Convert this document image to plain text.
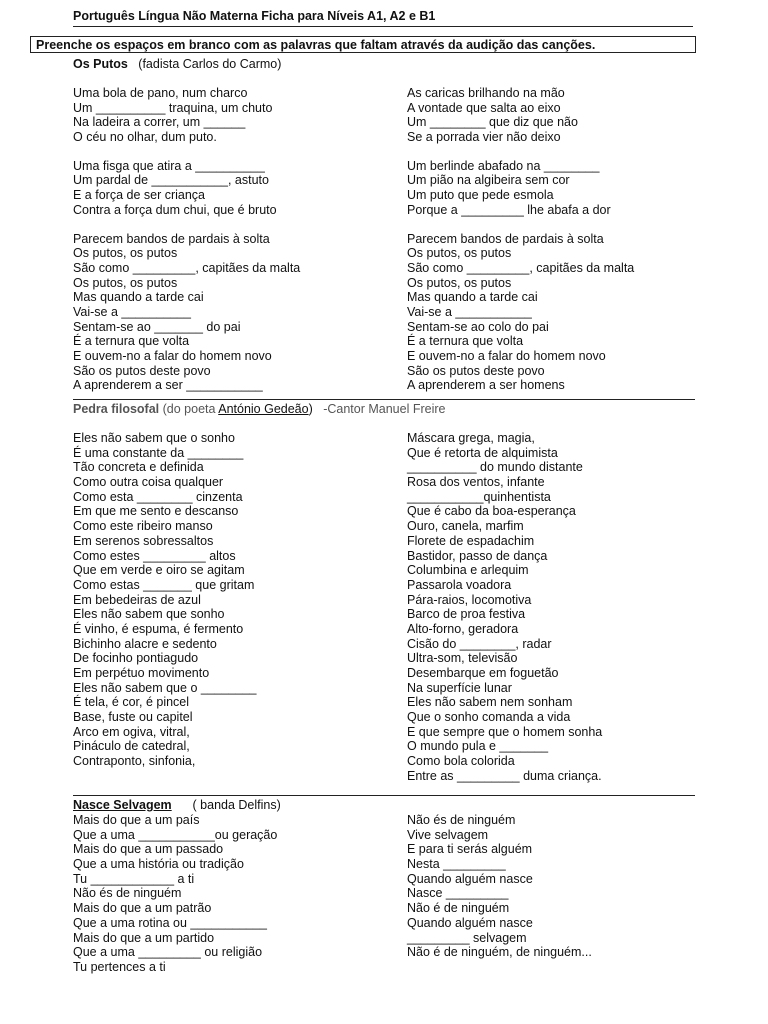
Português Língua Não Materna Ficha para Níveis A1, A2 e B1
Preenche os espaços em branco com as palavras que faltam através da audição das canções.
Os Putos (fadista Carlos do Carmo)
Uma bola de pano, num charco
Um __________ traquina, um chuto
Na ladeira a correr, um ______
O céu no olhar, dum puto.
Uma fisga que atira a __________
Um pardal de ___________, astuto
E a força de ser criança
Contra a força dum chui, que é bruto
Parecem bandos de pardais à solta
Os putos, os putos
São como _________, capitães da malta
Os putos, os putos
Mas quando a tarde cai
Vai-se a __________
Sentam-se ao _______ do pai
É a ternura que volta
E ouvem-no a falar do homem novo
São os putos deste povo
A aprenderem a ser ___________
As caricas brilhando na mão
A vontade que salta ao eixo
Um ________ que diz que não
Se a porrada vier não deixo
Um berlinde abafado na ________
Um pião na algibeira sem cor
Um puto que pede esmola
Porque a _________ lhe abafa a dor
Parecem bandos de pardais à solta
Os putos, os putos
São como _________, capitães da malta
Os putos, os putos
Mas quando a tarde cai
Vai-se a ___________
Sentam-se ao colo do pai
É a ternura que volta
E ouvem-no a falar do homem novo
São os putos deste povo
A aprenderem a ser homens
Pedra filosofal (do poeta António Gedeão)   -Cantor Manuel Freire
Eles não sabem que o sonho
É uma constante da ________
Tão concreta e definida
Como outra coisa qualquer
Como esta ________ cinzenta
Em que me sento e descanso
Como este ribeiro manso
Em serenos sobressaltos
Como estes _________ altos
Que em verde e oiro se agitam
Como estas _______ que gritam
Em bebedeiras de azul
Eles não sabem que sonho
É vinho, é espuma, é fermento
Bichinho alacre e sedento
De focinho pontiagudo
Em perpétuo movimento
Eles não sabem que o ________
É tela, é cor, é pincel
Base, fuste ou capitel
Arco em ogiva, vitral,
Pináculo de catedral,
Contraponto, sinfonia,
Máscara grega, magia,
Que é retorta de alquimista
__________ do mundo distante
Rosa dos ventos, infante
___________quinhentista
Que é cabo da boa-esperança
Ouro, canela, marfim
Florete de espadachim
Bastidor, passo de dança
Columbina e arlequim
Passarola voadora
Pára-raios, locomotiva
Barco de proa festiva
Alto-forno, geradora
Cisão do ________, radar
Ultra-som, televisão
Desembarque em foguetão
Na superfície lunar
Eles não sabem nem sonham
Que o sonho comanda a vida
E que sempre que o homem sonha
O mundo pula e _______
Como bola colorida
Entre as _________ duma criança.
Nasce Selvagem ( banda Delfins)
Mais do que a um país
Que a uma ___________ou geração
Mais do que a um passado
Que a uma história ou tradição
Tu ____________ a ti
Não és de ninguém
Mais do que a um patrão
Que a uma rotina ou ___________
Mais do que a um partido
Que a uma _________ ou religião
Tu pertences a ti
Não és de ninguém
Vive selvagem
E para ti serás alguém
Nesta _________
Quando alguém nasce
Nasce _________
Não é de ninguém
Quando alguém nasce
_________ selvagem
Não é de ninguém, de ninguém...
